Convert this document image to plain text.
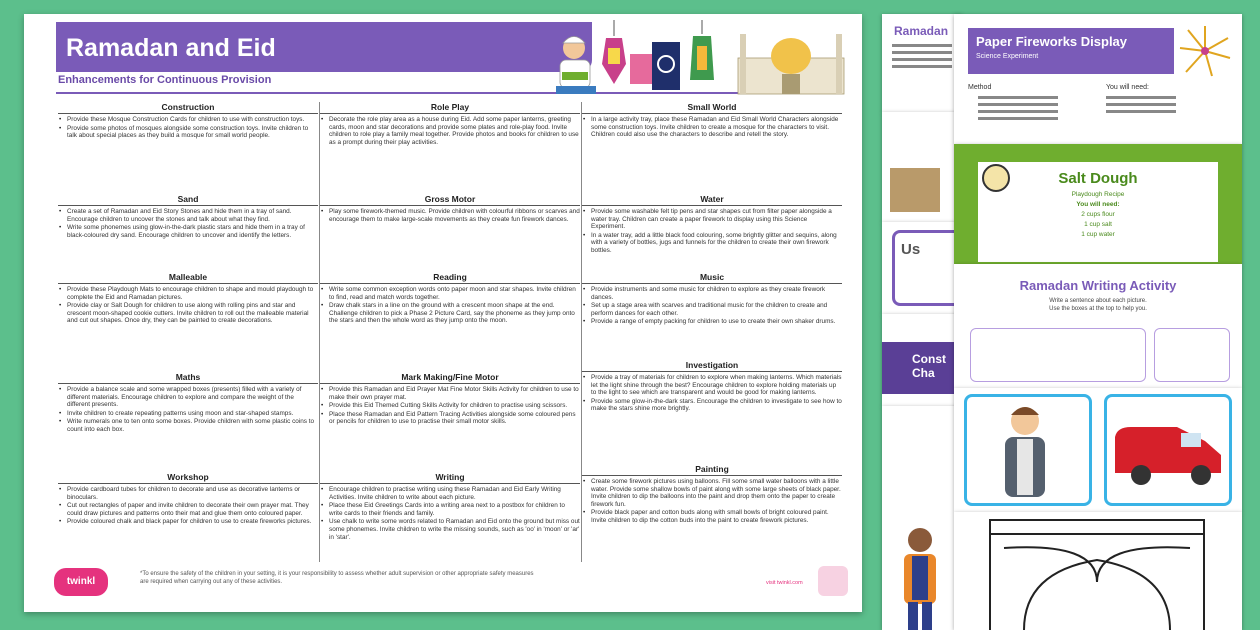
Ramadan and Eid
Enhancements for Continuous Provision
Construction
• Provide these Mosque Construction Cards for children to use with construction toys.
• Provide some photos of mosques alongside some construction toys. Invite children to talk about special places as they build a mosque for small world people.
Sand
• Create a set of Ramadan and Eid Story Stones and hide them in a tray of sand. Encourage children to uncover the stones and talk about what they find.
• Write some phonemes using glow-in-the-dark plastic stars and hide them in a tray of black-coloured dry sand. Encourage children to uncover and identify the letters.
Malleable
• Provide these Playdough Mats to encourage children to shape and mould playdough to complete the Eid and Ramadan pictures.
• Provide clay or Salt Dough for children to use along with rolling pins and star and crescent moon-shaped cookie cutters. Invite children to roll out the malleable material and cut out shapes. Once dry, they can be painted to create decorations.
Maths
• Provide a balance scale and some wrapped boxes (presents) filled with a variety of different materials. Encourage children to explore and compare the weight of the different presents.
• Invite children to create repeating patterns using moon and star-shaped stamps.
• Write numerals one to ten onto some boxes. Provide children with some plastic coins to count into each box.
Workshop
• Provide cardboard tubes for children to decorate and use as decorative lanterns or binoculars.
• Cut out rectangles of paper and invite children to decorate their own prayer mat. They could draw pictures and patterns onto their mat and glue them onto coloured paper.
• Provide coloured chalk and black paper for children to use to create fireworks pictures.
Role Play
• Decorate the role play area as a house during Eid. Add some paper lanterns, greeting cards, moon and star decorations and provide some plates and role-play food. Invite children to role play a family meal together. Provide photos and books for children to use as a prompt during their play activities.
Gross Motor
• Play some firework-themed music. Provide children with colourful ribbons or scarves and encourage them to make large-scale movements as they create fun firework dances.
Reading
• Write some common exception words onto paper moon and star shapes. Invite children to find, read and match words together.
• Draw chalk stars in a line on the ground with a crescent moon shape at the end. Challenge children to pick a Phase 2 Picture Card, say the phoneme as they jump onto the stars and then the whole word as they jump onto the moon.
Mark Making/Fine Motor
• Provide this Ramadan and Eid Prayer Mat Fine Motor Skills Activity for children to use to make their own prayer mat.
• Provide this Eid Themed Cutting Skills Activity for children to practise using scissors.
• Place these Ramadan and Eid Pattern Tracing Activities alongside some coloured pens or pencils for children to use to practise their small motor skills.
Writing
• Encourage children to practise writing using these Ramadan and Eid Early Writing Activities. Invite children to write about each picture.
• Place these Eid Greetings Cards into a writing area next to a postbox for children to write cards to their friends and family.
• Use chalk to write some words related to Ramadan and Eid onto the ground but miss out some phonemes. Invite children to write the missing sounds, such as 'oo' in 'moon' or 'ar' in 'star'.
Small World
• In a large activity tray, place these Ramadan and Eid Small World Characters alongside some construction toys. Invite children to create a mosque for the characters to visit. Children could also use the characters to describe and retell the story.
Water
• Provide some washable felt tip pens and star shapes cut from filter paper alongside a water tray. Children can create a paper firework to display using this Science Experiment.
• In a water tray, add a little black food colouring, some brightly glitter and sequins, along with a variety of bottles, jugs and funnels for the children to create their own firework bottles.
Music
• Provide instruments and some music for children to explore as they create firework dances.
• Set up a stage area with scarves and traditional music for the children to create and perform dances for each other.
• Provide a range of empty packing for children to use to create their own shaker drums.
Investigation
• Provide a tray of materials for children to explore when making lanterns. Which materials let the light shine through the best? Encourage children to explore holding materials up to the light to see which are transparent and would be good for making lanterns.
• Provide some glow-in-the-dark stars. Encourage the children to investigate to see how to make the stars shine more brightly.
Painting
• Create some firework pictures using balloons. Fill some small water balloons with a little water. Provide some shallow bowls of paint along with some large sheets of black paper. Invite children to dip the balloons into the paint and drop them onto the paper to create firework fun.
• Provide black paper and cotton buds along with small bowls of bright coloured paint. Invite children to dip the cotton buds into the paint to create firework pictures.
twinkl
*To ensure the safety of the children in your setting, it is your responsibility to assess whether adult supervision or other appropriate safety measures are required when carrying out any of these activities.	visit twinkl.com
Ramadan
Us
Const Cha
Paper Fireworks Display
Science Experiment
Method	You will need:
Salt Dough
Playdough Recipe
You will need:
2 cups flour
1 cup salt
1 cup water
Ramadan Writing Activity
Write a sentence about each picture.
Use the boxes at the top to help you.
